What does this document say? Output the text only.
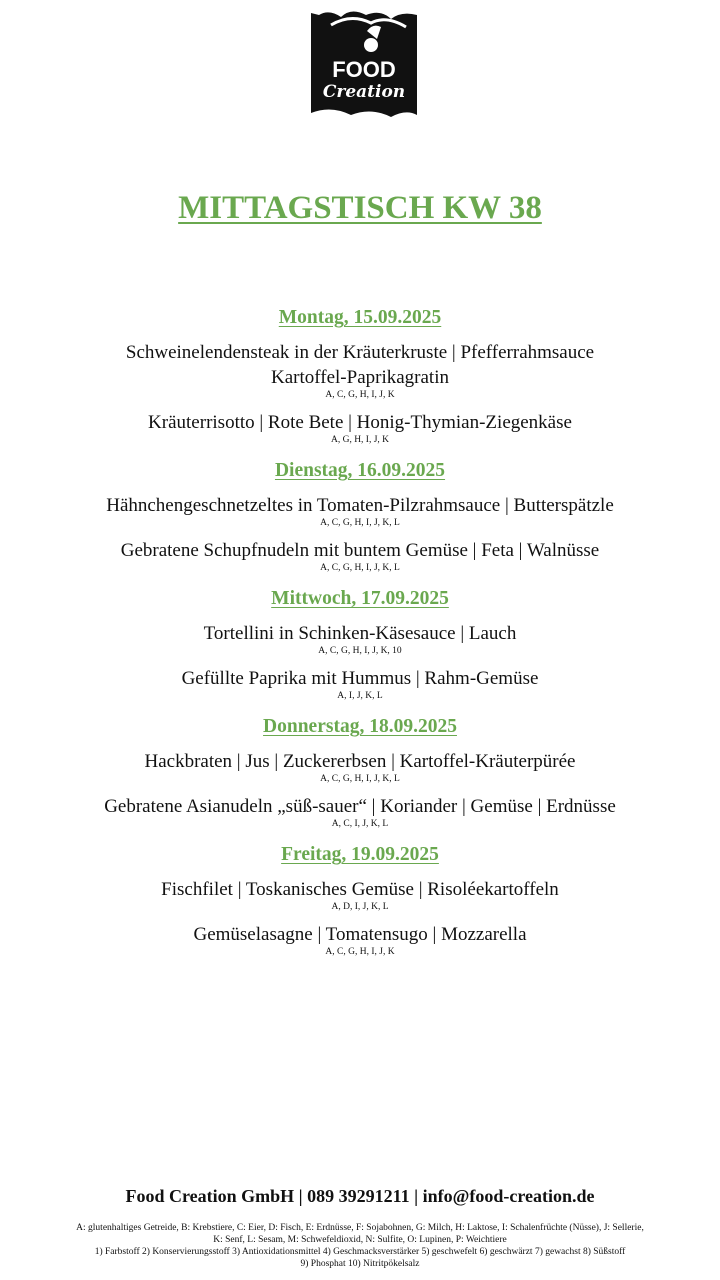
FOOD
Creation
MITTAGSTISCH KW 38
Montag, 15.09.2025
Schweinelendensteak in der Kräuterkruste | Pfefferrahmsauce
Kartoffel-Paprikagratin
A, C, G, H, I, J, K
Kräuterrisotto | Rote Bete | Honig-Thymian-Ziegenkäse
A, G, H, I, J, K
Dienstag, 16.09.2025
Hähnchengeschnetzeltes in Tomaten-Pilzrahmsauce | Butterspätzle
A, C, G, H, I, J, K, L
Gebratene Schupfnudeln mit buntem Gemüse | Feta | Walnüsse
A, C, G, H, I, J, K, L
Mittwoch, 17.09.2025
Tortellini in Schinken-Käsesauce | Lauch
A, C, G, H, I, J, K, 10
Gefüllte Paprika mit Hummus | Rahm-Gemüse
A, I, J, K, L
Donnerstag, 18.09.2025
Hackbraten | Jus | Zuckererbsen | Kartoffel-Kräuterpürée
A, C, G, H, I, J, K, L
Gebratene Asianudeln „süß-sauer“ | Koriander | Gemüse | Erdnüsse
A, C, I, J, K, L
Freitag, 19.09.2025
Fischfilet | Toskanisches Gemüse | Risoléekartoffeln
A, D, I, J, K, L
Gemüselasagne | Tomatensugo | Mozzarella
A, C, G, H, I, J, K
Food Creation GmbH | 089 39291211 | info@food-creation.de
A: glutenhaltiges Getreide, B: Krebstiere, C: Eier, D: Fisch, E: Erdnüsse, F: Sojabohnen, G: Milch, H: Laktose, I: Schalenfrüchte (Nüsse), J: Sellerie,
K: Senf, L: Sesam, M: Schwefeldioxid, N: Sulfite, O: Lupinen, P: Weichtiere
1) Farbstoff 2) Konservierungsstoff 3) Antioxidationsmittel 4) Geschmacksverstärker 5) geschwefelt 6) geschwärzt 7) gewachst 8) Süßstoff
9) Phosphat 10) Nitritpökelsalz
